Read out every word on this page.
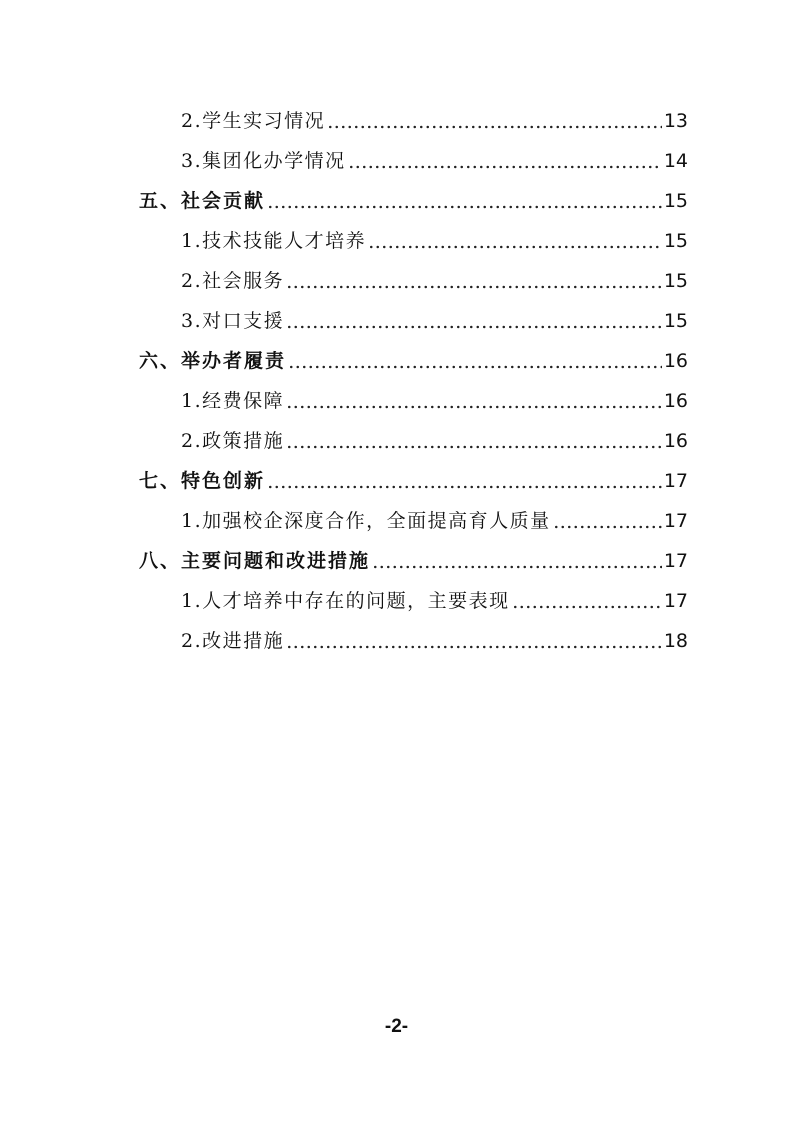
2.学生实习情况	13
3.集团化办学情况	14
五、社会贡献	15
1.技术技能人才培养	15
2.社会服务	15
3.对口支援	15
六、举办者履责	16
1.经费保障	16
2.政策措施	16
七、特色创新	17
1.加强校企深度合作，全面提高育人质量	17
八、主要问题和改进措施	17
1.人才培养中存在的问题，主要表现	17
2.改进措施	18
-2-
